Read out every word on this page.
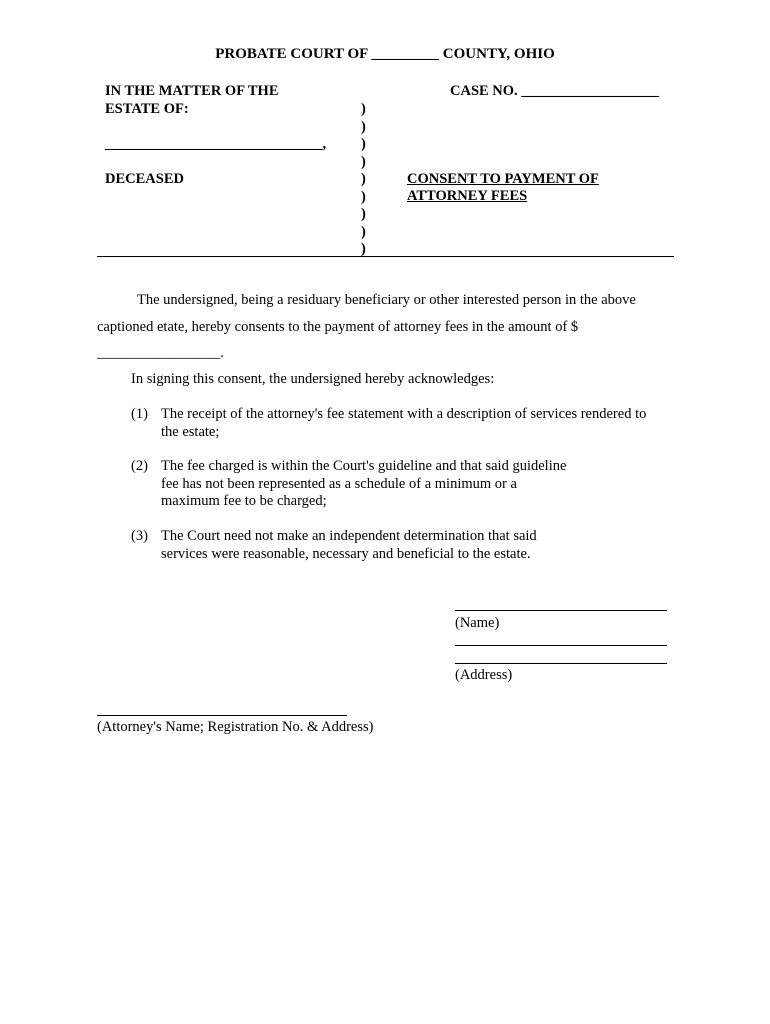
PROBATE COURT OF _________ COUNTY, OHIO
IN THE MATTER OF THE
ESTATE OF:
______________________________,
DECEASED
)
)
)
)
)
)
)
)
)
CASE NO. ___________________
CONSENT TO PAYMENT OF
ATTORNEY FEES
The undersigned, being a residuary beneficiary or other interested person in the above
captioned etate, hereby consents to the payment of attorney fees in the amount of $
_________________.
In signing this consent, the undersigned hereby acknowledges:
(1) The receipt of the attorney's fee statement with a description of services rendered to
the estate;
(2) The fee charged is within the Court's guideline and that said guideline
fee has not been represented as a schedule of a minimum or a
maximum fee to be charged;
(3) The Court need not make an independent determination that said
services were reasonable, necessary and beneficial to the estate.
(Name)
(Address)
(Attorney's Name; Registration No. & Address)
